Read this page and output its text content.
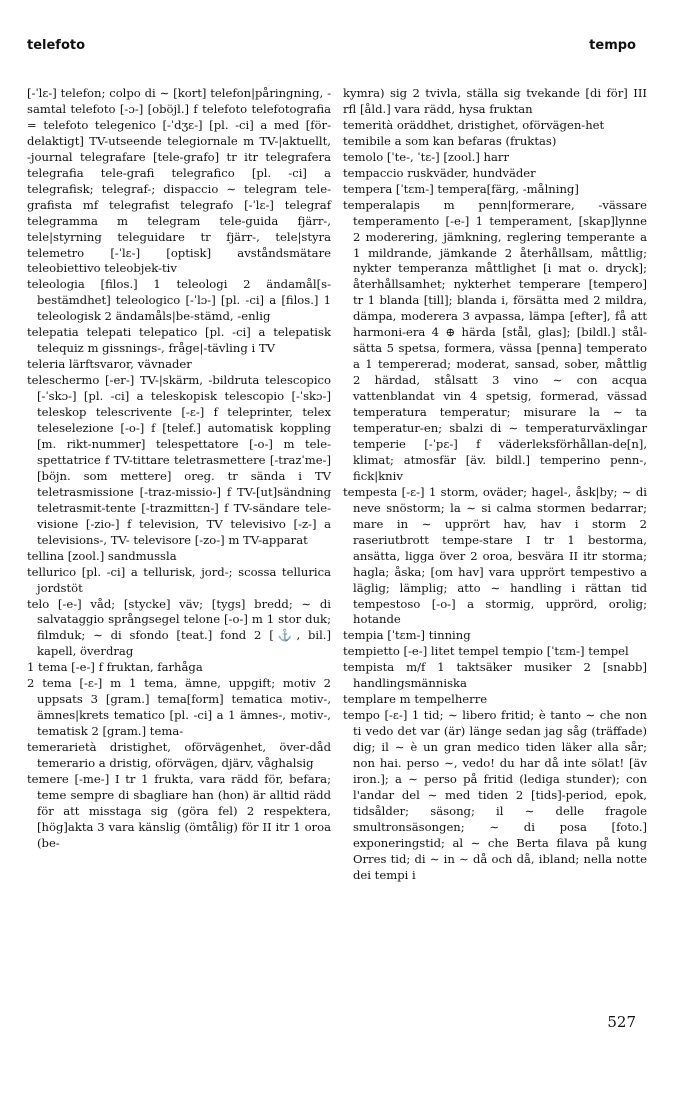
telefoto	tempo

[-ˈlɛ-] telefon; colpo di ∼ [kort] telefon|påringning, -samtal telefoto [-ɔ-] [oböjl.] f telefoto telefotografia = telefoto telegenico [-ˈdʒɛ-] [pl. -ci] a med [för-delaktigt] TV-utseende telegiornale m TV-|aktuellt, -journal telegrafare [tele-grafo] tr itr telegrafera telegrafia tele-grafi telegrafico [pl. -ci] a telegrafisk; telegraf-; dispaccio ∼ telegram tele-grafista mf telegrafist telegrafo [-ˈlɛ-] telegraf telegramma m telegram tele-guida fjärr-, tele|styrning teleguidare tr fjärr-, tele|styra telemetro [-ˈlɛ-] [optisk] avståndsmätare teleobiettivo teleobjek-tiv

teleologia [filos.] 1 teleologi 2 ändamål[s-bestämdhet] teleologico [-ˈlɔ-] [pl. -ci] a [filos.] 1 teleologisk 2 ändamåls|be-stämd, -enlig

telepatia telepati telepatico [pl. -ci] a telepatisk telequiz m gissnings-, fråge|-tävling i TV

teleria lärftsvaror, vävnader

teleschermo [-er-] TV-|skärm, -bildruta telescopico [-ˈskɔ-] [pl. -ci] a teleskopisk telescopio [-ˈskɔ-] teleskop telescrivente [-ɛ-] f teleprinter, telex teleselezione [-o-] f [telef.] automatisk koppling [m. rikt-nummer] telespettatore [-o-] m tele-spettatrice f TV-tittare teletrasmettere [-trazˈme-] [böjn. som mettere] oreg. tr sända i TV teletrasmissione [-traz-missio-] f TV-[ut]sändning teletrasmit-tente [-trazmittɛn-] f TV-sändare tele-visione [-zio-] f television, TV televisivo [-z-] a televisions-, TV- televisore [-zo-] m TV-apparat

tellina [zool.] sandmussla

tellurico [pl. -ci] a tellurisk, jord-; scossa tellurica jordstöt

telo [-e-] våd; [stycke] väv; [tygs] bredd; ∼ di salvataggio språngsegel telone [-o-] m 1 stor duk; filmduk; ∼ di sfondo [teat.] fond 2 [⚓, bil.] kapell, överdrag

1 tema [-e-] f fruktan, farhåga

2 tema [-ɛ-] m 1 tema, ämne, uppgift; motiv 2 uppsats 3 [gram.] tema[form] tematica motiv-, ämnes|krets tematico [pl. -ci] a 1 ämnes-, motiv-, tematisk 2 [gram.] tema-

temerarietà dristighet, oförvägenhet, över-dåd temerario a dristig, oförvägen, djärv, våghalsig

temere [-me-] I tr 1 frukta, vara rädd för, befara; teme sempre di sbagliare han (hon) är alltid rädd för att misstaga sig (göra fel) 2 respektera, [hög]akta 3 vara känslig (ömtålig) för II itr 1 oroa (be-

kymra) sig 2 tvivla, ställa sig tvekande [di för] III rfl [åld.] vara rädd, hysa fruktan

temerità oräddhet, dristighet, oförvägen-het

temibile a som kan befaras (fruktas)

temolo [ˈte-, ˈtɛ-] [zool.] harr

tempaccio ruskväder, hundväder

tempera [ˈtɛm-] tempera[färg, -målning]

temperalapis m penn|formerare, -vässare temperamento [-e-] 1 temperament, [skap]lynne 2 moderering, jämkning, reglering temperante a 1 mildrande, jämkande 2 återhållsam, måttlig; nykter temperanza måttlighet [i mat o. dryck]; återhållsamhet; nykterhet temperare [tempero] tr 1 blanda [till]; blanda i, försätta med 2 mildra, dämpa, moderera 3 avpassa, lämpa [efter], få att harmoni-era 4 ⊕ härda [stål, glas]; [bildl.] stål-sätta 5 spetsa, formera, vässa [penna] temperato a 1 tempererad; moderat, sansad, sober, måttlig 2 härdad, stålsatt 3 vino ∼ con acqua vattenblandat vin 4 spetsig, formerad, vässad temperatura temperatur; misurare la ∼ ta temperatur-en; sbalzi di ∼ temperaturväxlingar temperie [-ˈpɛ-] f väderleksförhållan-de[n], klimat; atmosfär [äv. bildl.] temperino penn-, fick|kniv

tempesta [-ɛ-] 1 storm, oväder; hagel-, åsk|by; ∼ di neve snöstorm; la ∼ si calma stormen bedarrar; mare in ∼ upprört hav, hav i storm 2 raseriutbrott tempe-stare I tr 1 bestorma, ansätta, ligga över 2 oroa, besvära II itr storma; hagla; åska; [om hav] vara upprört tempestivo a läglig; lämplig; atto ∼ handling i rättan tid tempestoso [-o-] a stormig, upprörd, orolig; hotande

tempia [ˈtɛm-] tinning

tempietto [-e-] litet tempel tempio [ˈtɛm-] tempel

tempista m/f 1 taktsäker musiker 2 [snabb] handlingsmänniska

templare m tempelherre

tempo [-ɛ-] 1 tid; ∼ libero fritid; è tanto ∼ che non ti vedo det var (är) länge sedan jag såg (träffade) dig; il ∼ è un gran medico tiden läker alla sår; non hai. perso ∼, vedo! du har då inte sölat! [äv iron.]; a ∼ perso på fritid (lediga stunder); con l'andar del ∼ med tiden 2 [tids]-period, epok, tidsålder; säsong; il ∼ delle fragole smultronsäsongen; ∼ di posa [foto.] exponeringstid; al ∼ che Berta filava på kung Orres tid; di ∼ in ∼ då och då, ibland; nella notte dei tempi i

527
